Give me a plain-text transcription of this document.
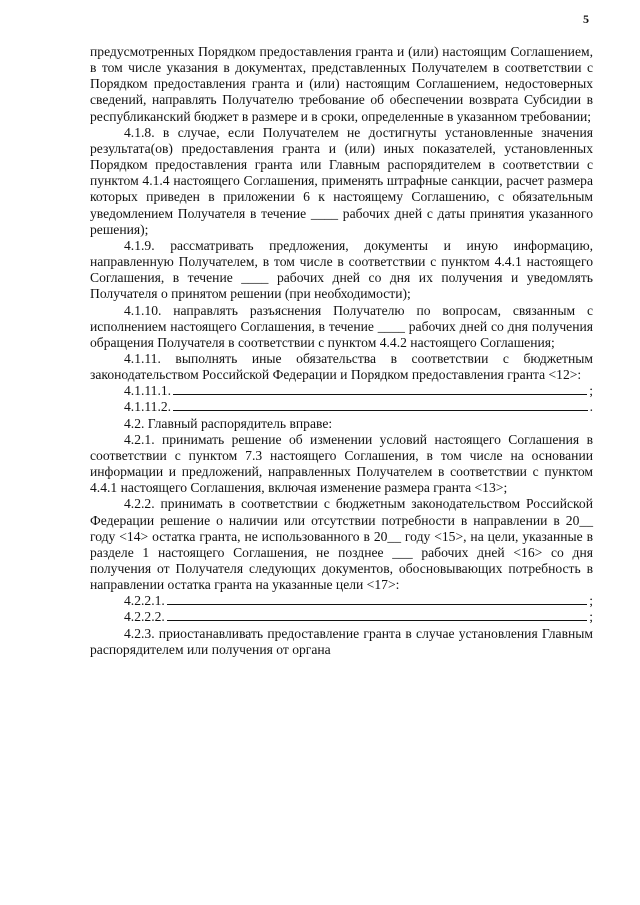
5

предусмотренных Порядком предоставления гранта и (или) настоящим Соглашением, в том числе указания в документах, представленных Получателем в соответствии с Порядком предоставления гранта и (или) настоящим Соглашением, недостоверных сведений, направлять Получателю требование об обеспечении возврата Субсидии в республиканский бюджет в размере и в сроки, определенные в указанном требовании;

4.1.8. в случае, если Получателем не достигнуты установленные значения результата(ов) предоставления гранта и (или) иных показателей, установленных Порядком предоставления гранта или Главным распорядителем в соответствии с пунктом 4.1.4 настоящего Соглашения, применять штрафные санкции, расчет размера которых приведен в приложении 6 к настоящему Соглашению, с обязательным уведомлением Получателя в течение ____ рабочих дней с даты принятия указанного решения);

4.1.9. рассматривать предложения, документы и иную информацию, направленную Получателем, в том числе в соответствии с пунктом 4.4.1 настоящего Соглашения, в течение ____ рабочих дней со дня их получения и уведомлять Получателя о принятом решении (при необходимости);

4.1.10. направлять разъяснения Получателю по вопросам, связанным с исполнением настоящего Соглашения, в течение ____ рабочих дней со дня получения обращения Получателя в соответствии с пунктом 4.4.2 настоящего Соглашения;

4.1.11. выполнять иные обязательства в соответствии с бюджетным законодательством Российской Федерации и Порядком предоставления гранта <12>:

4.1.11.1.	;
4.1.11.2.	.

4.2. Главный распорядитель вправе:

4.2.1. принимать решение об изменении условий настоящего Соглашения в соответствии с пунктом 7.3 настоящего Соглашения, в том числе на основании информации и предложений, направленных Получателем в соответствии с пунктом 4.4.1 настоящего Соглашения, включая изменение размера гранта <13>;

4.2.2. принимать в соответствии с бюджетным законодательством Российской Федерации решение о наличии или отсутствии потребности в направлении в 20__ году <14> остатка гранта, не использованного в 20__ году <15>, на цели, указанные в разделе 1 настоящего Соглашения, не позднее ___ рабочих дней <16> со дня получения от Получателя следующих документов, обосновывающих потребность в направлении остатка гранта на указанные цели <17>:

4.2.2.1.	;
4.2.2.2.	;

4.2.3. приостанавливать предоставление гранта в случае установления Главным распорядителем или получения от органа
